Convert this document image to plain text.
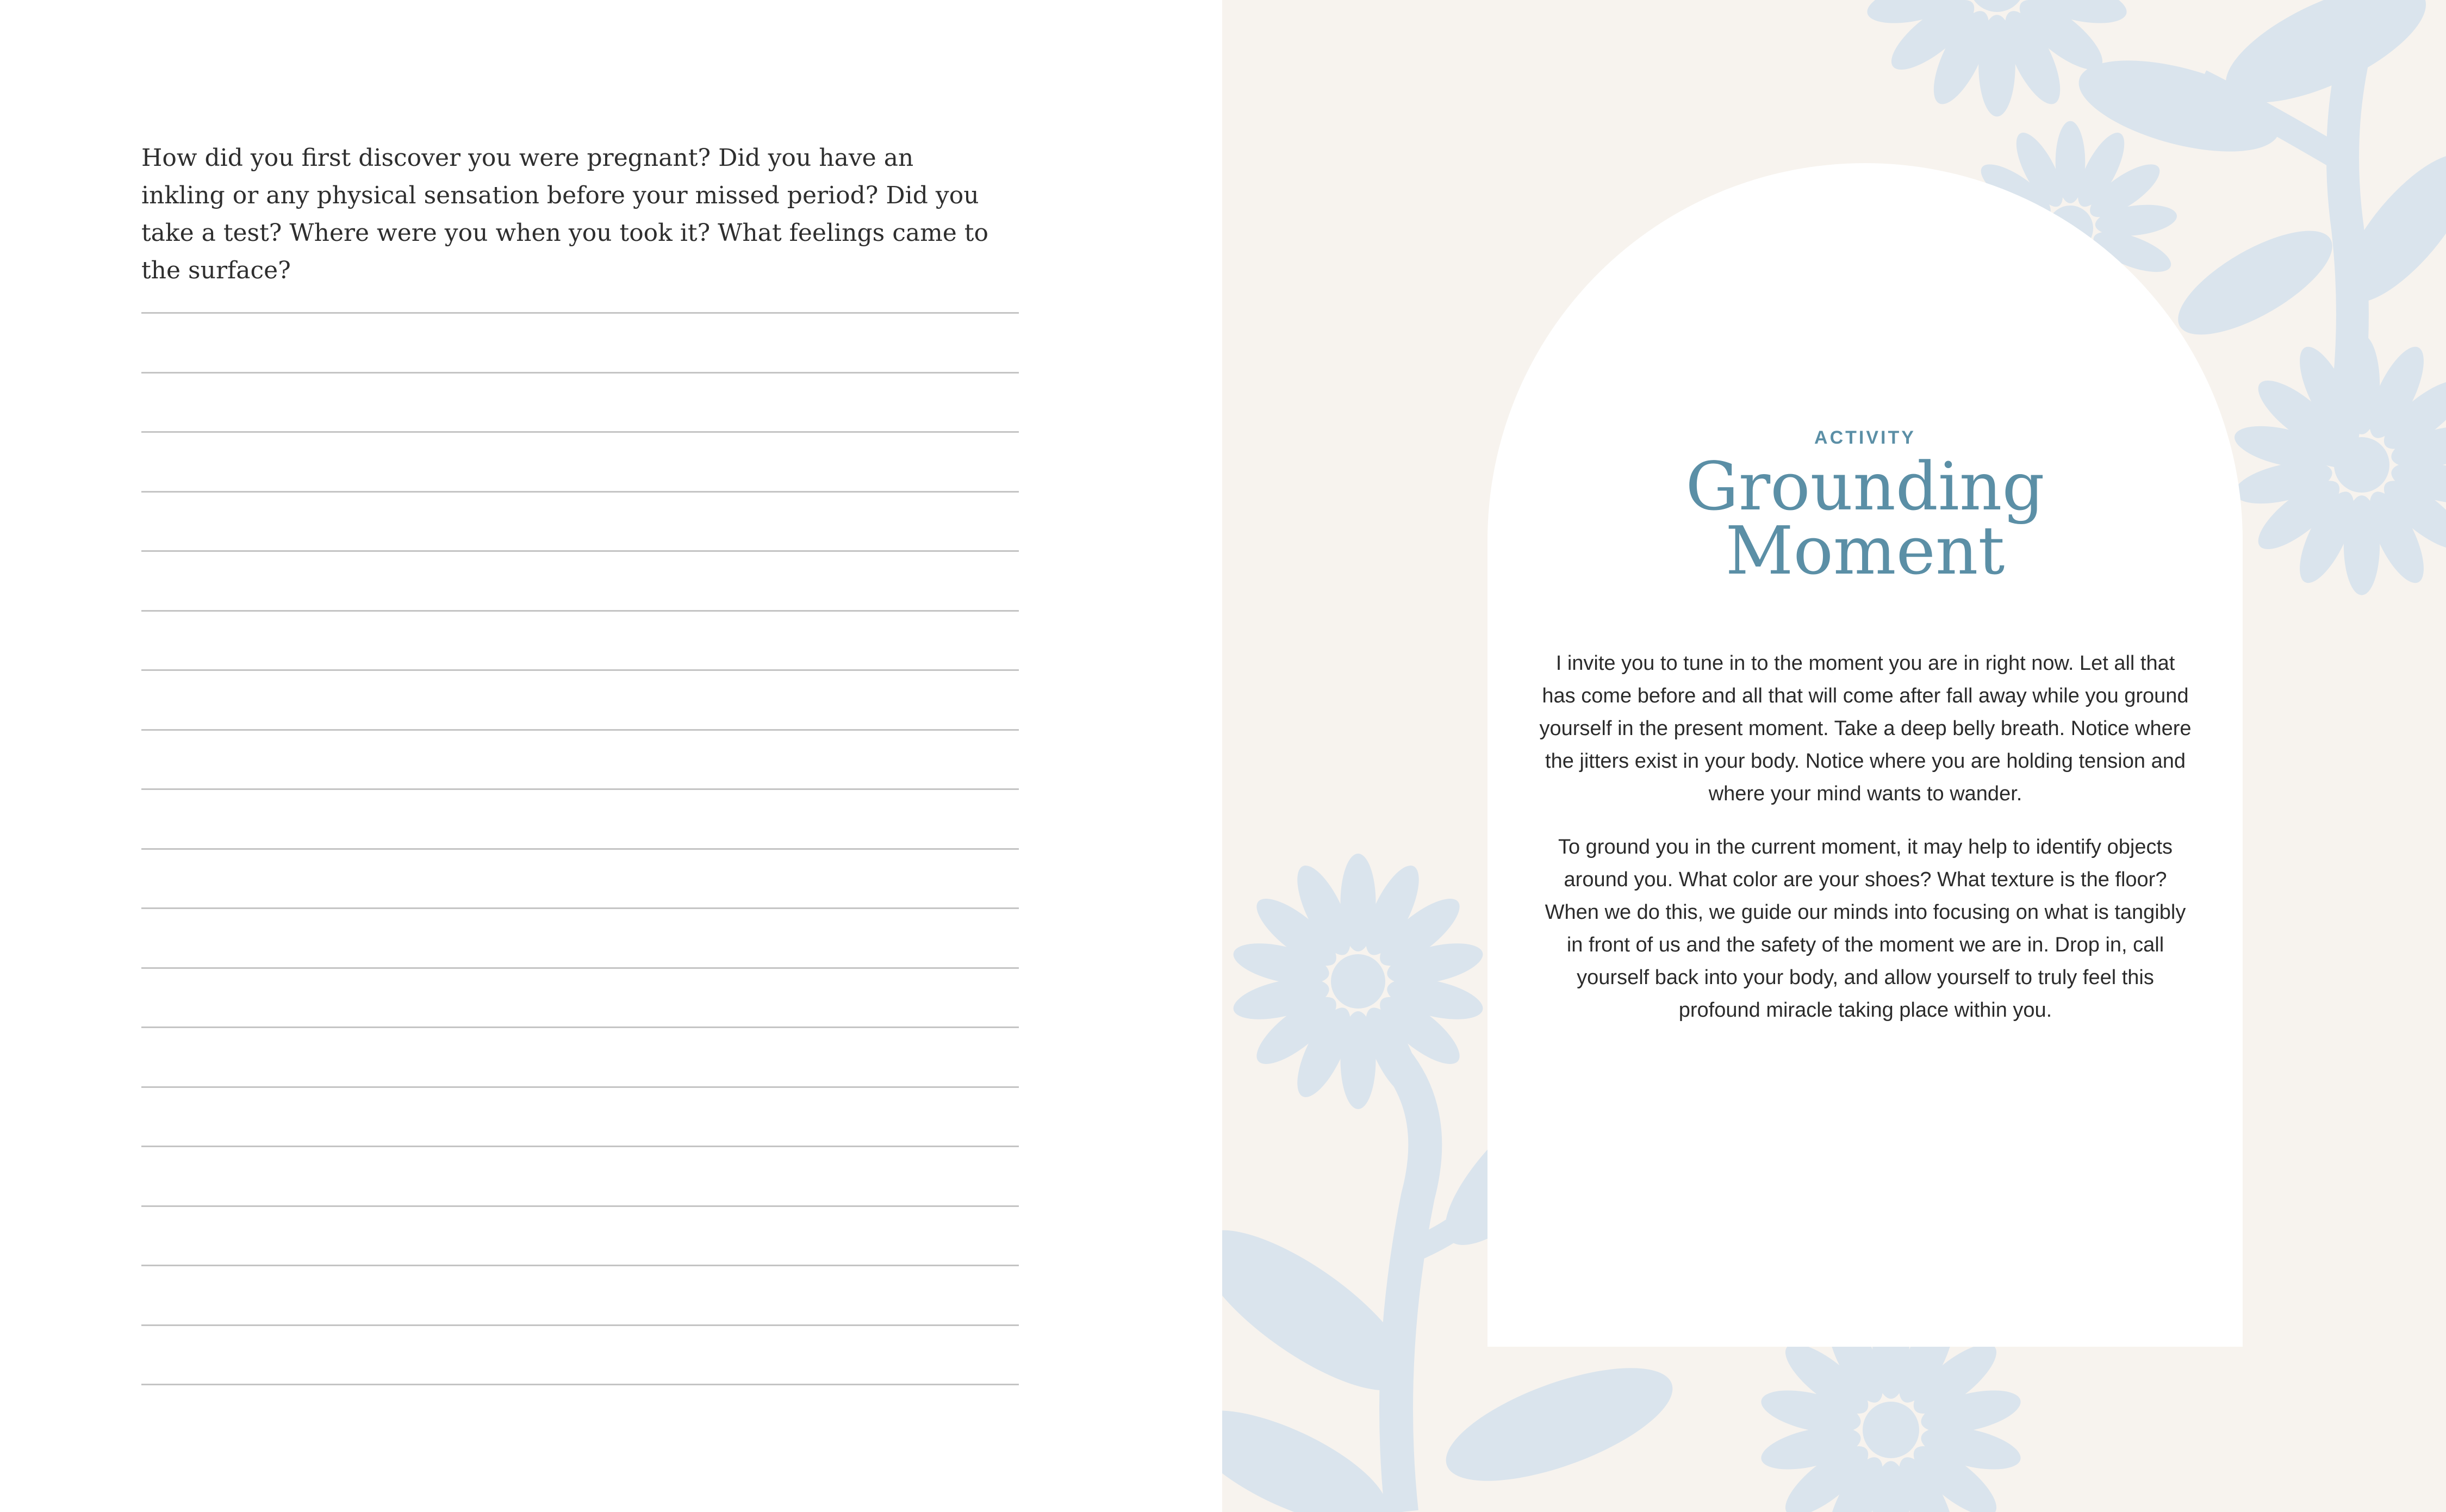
How did you first discover you were pregnant? Did you have an inkling or any physical sensation before your missed period? Did you take a test? Where were you when you took it? What feelings came to the surface?

ACTIVITY
Grounding
Moment

I invite you to tune in to the moment you are in right now. Let all that has come before and all that will come after fall away while you ground yourself in the present moment. Take a deep belly breath. Notice where the jitters exist in your body. Notice where you are holding tension and where your mind wants to wander.

To ground you in the current moment, it may help to identify objects around you. What color are your shoes? What texture is the floor? When we do this, we guide our minds into focusing on what is tangibly in front of us and the safety of the moment we are in. Drop in, call yourself back into your body, and allow yourself to truly feel this profound miracle taking place within you.
